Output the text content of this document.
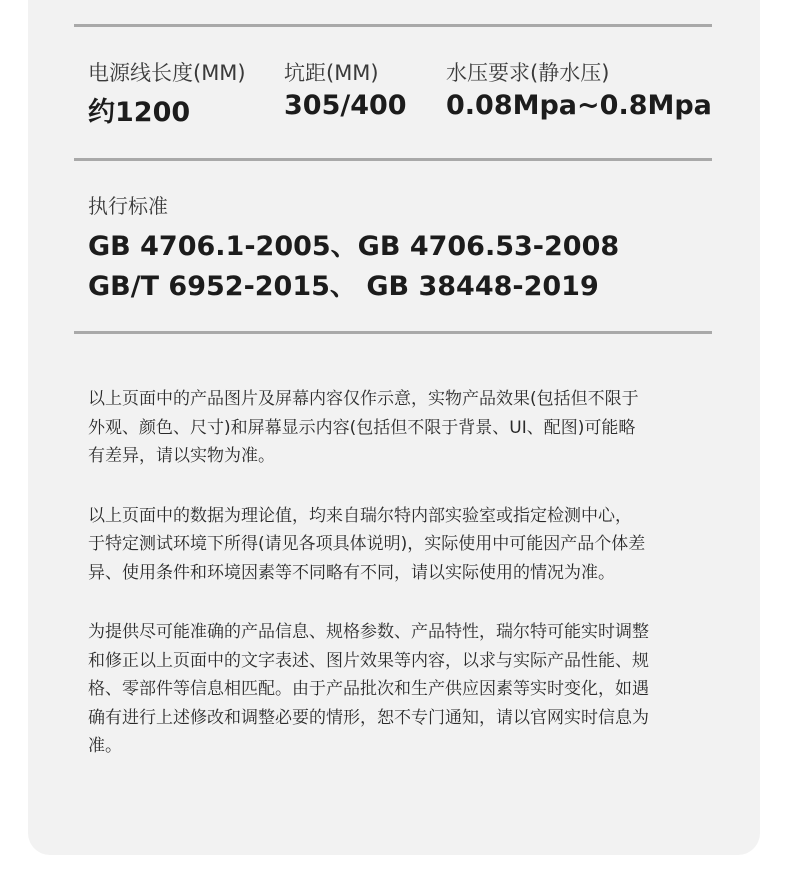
电源线长度(MM)
约1200
坑距(MM)
305/400
水压要求(静水压)
0.08Mpa~0.8Mpa
执行标准
GB 4706.1-2005、GB 4706.53-2008
GB/T 6952-2015、 GB 38448-2019
以上页面中的产品图片及屏幕内容仅作示意，实物产品效果(包括但不限于
外观、颜色、尺寸)和屏幕显示内容(包括但不限于背景、UI、配图)可能略
有差异，请以实物为准。
以上页面中的数据为理论值，均来自瑞尔特内部实验室或指定检测中心，
于特定测试环境下所得(请见各项具体说明)，实际使用中可能因产品个体差
异、使用条件和环境因素等不同略有不同，请以实际使用的情况为准。
为提供尽可能准确的产品信息、规格参数、产品特性，瑞尔特可能实时调整
和修正以上页面中的文字表述、图片效果等内容，以求与实际产品性能、规
格、零部件等信息相匹配。由于产品批次和生产供应因素等实时变化，如遇
确有进行上述修改和调整必要的情形，恕不专门通知，请以官网实时信息为
准。
